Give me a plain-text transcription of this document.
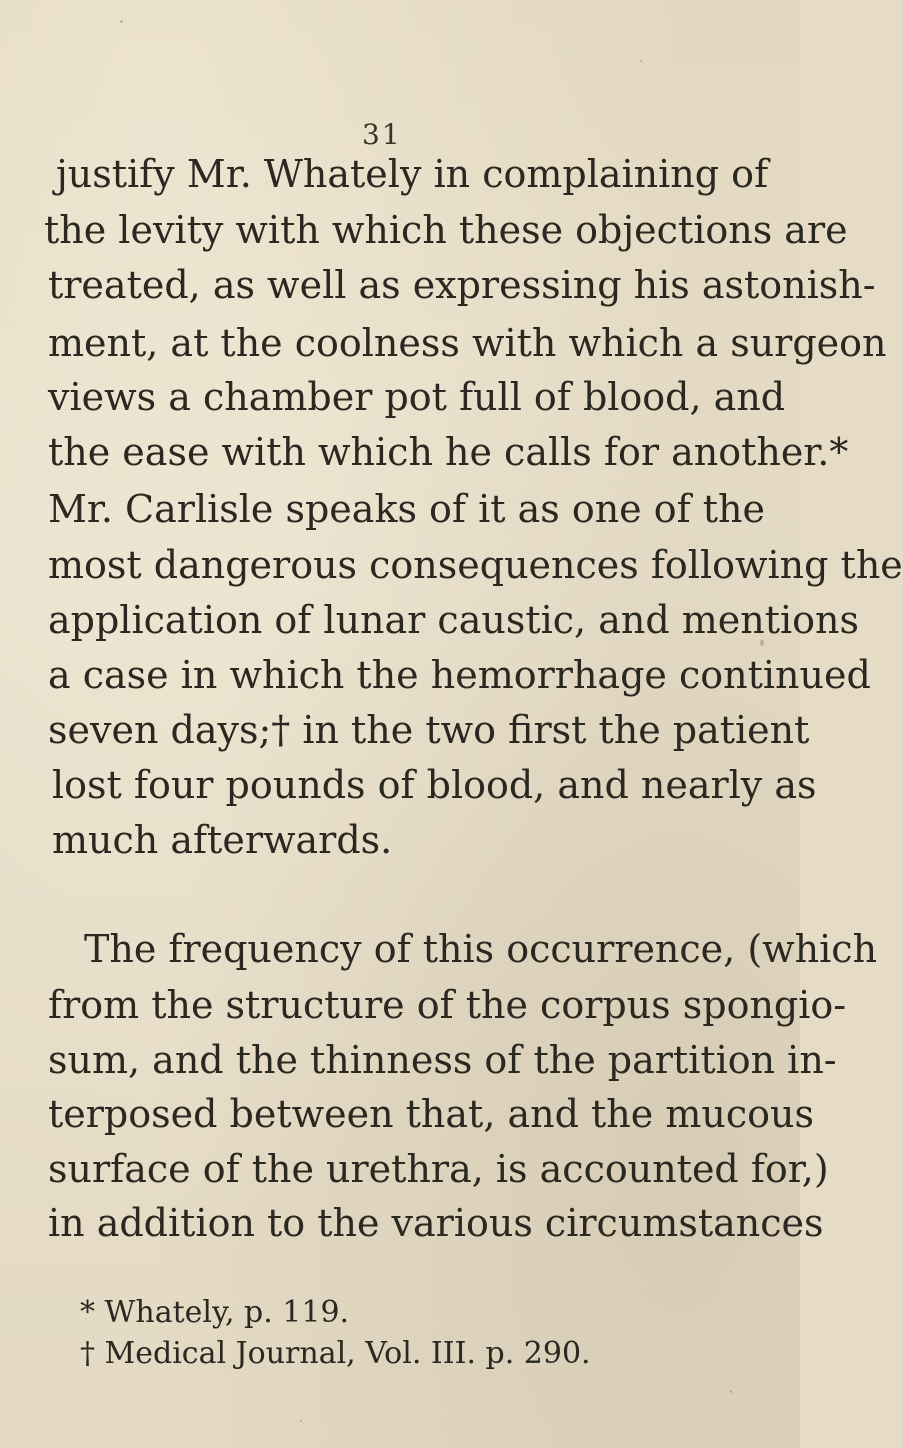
31
justify Mr. Whately in complaining of
the levity with which these objections are
treated, as well as expressing his astonish-
ment, at the coolness with which a surgeon
views a chamber pot full of blood, and
the ease with which he calls for another.*
Mr. Carlisle speaks of it as one of the
most dangerous consequences following the
application of lunar caustic, and mentions
a case in which the hemorrhage continued
seven days;† in the two first the patient
lost four pounds of blood, and nearly as
much afterwards.
The frequency of this occurrence, (which
from the structure of the corpus spongio-
sum, and the thinness of the partition in-
terposed between that, and the mucous
surface of the urethra, is accounted for,)
in addition to the various circumstances
* Whately, p. 119.
† Medical Journal, Vol. III. p. 290.
